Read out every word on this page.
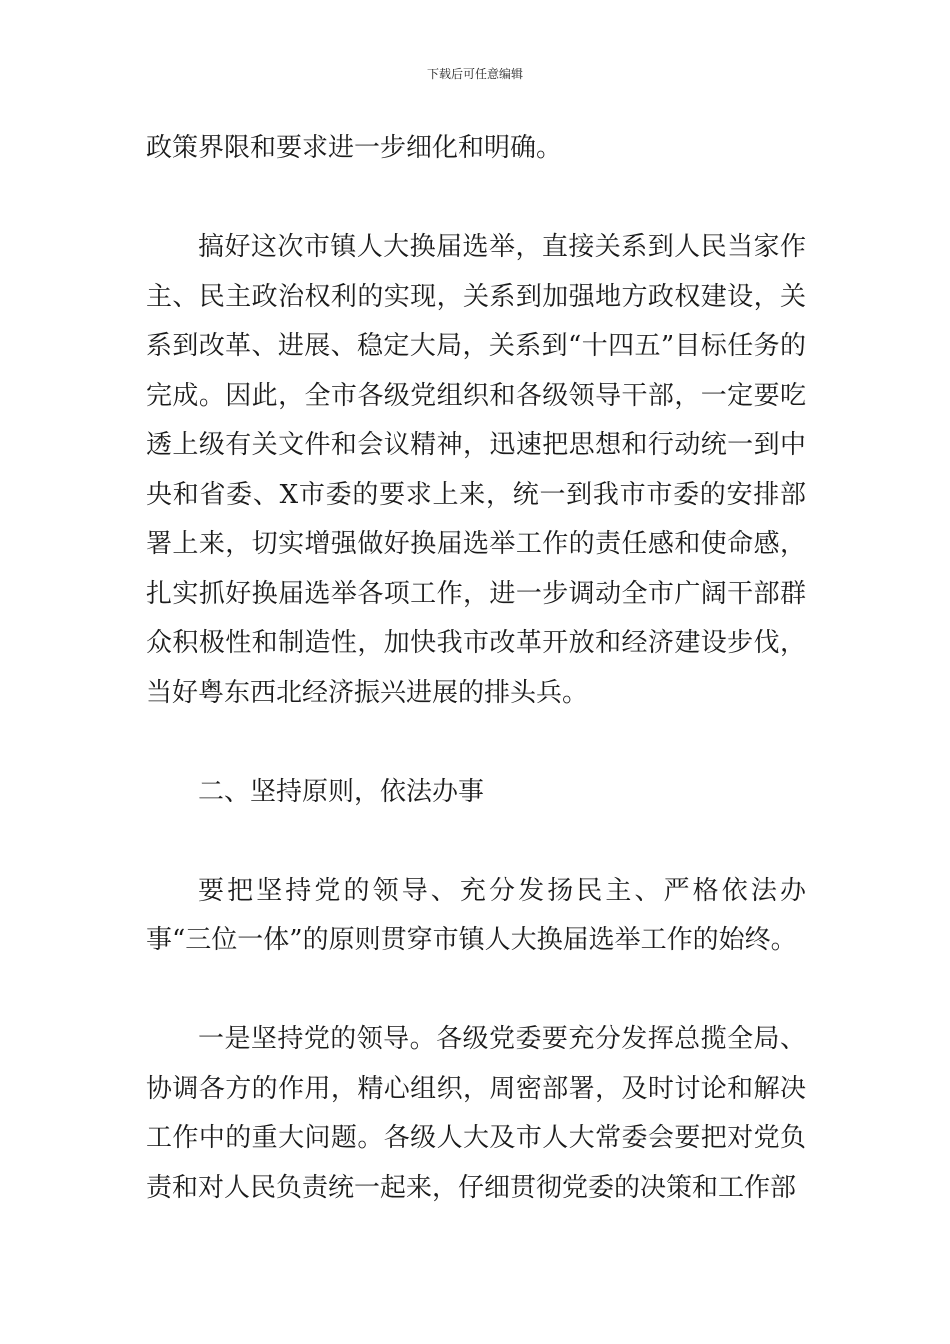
下载后可任意编辑

政策界限和要求进一步细化和明确。

搞好这次市镇人大换届选举，直接关系到人民当家作主、民主政治权利的实现，关系到加强地方政权建设，关系到改革、进展、稳定大局，关系到“十四五”目标任务的完成。因此，全市各级党组织和各级领导干部，一定要吃透上级有关文件和会议精神，迅速把思想和行动统一到中央和省委、X市委的要求上来，统一到我市市委的安排部署上来，切实增强做好换届选举工作的责任感和使命感，扎实抓好换届选举各项工作，进一步调动全市广阔干部群众积极性和制造性，加快我市改革开放和经济建设步伐，当好粤东西北经济振兴进展的排头兵。

二、坚持原则，依法办事

要把坚持党的领导、充分发扬民主、严格依法办事“三位一体”的原则贯穿市镇人大换届选举工作的始终。

一是坚持党的领导。各级党委要充分发挥总揽全局、协调各方的作用，精心组织，周密部署，及时讨论和解决工作中的重大问题。各级人大及市人大常委会要把对党负责和对人民负责统一起来，仔细贯彻党委的决策和工作部
